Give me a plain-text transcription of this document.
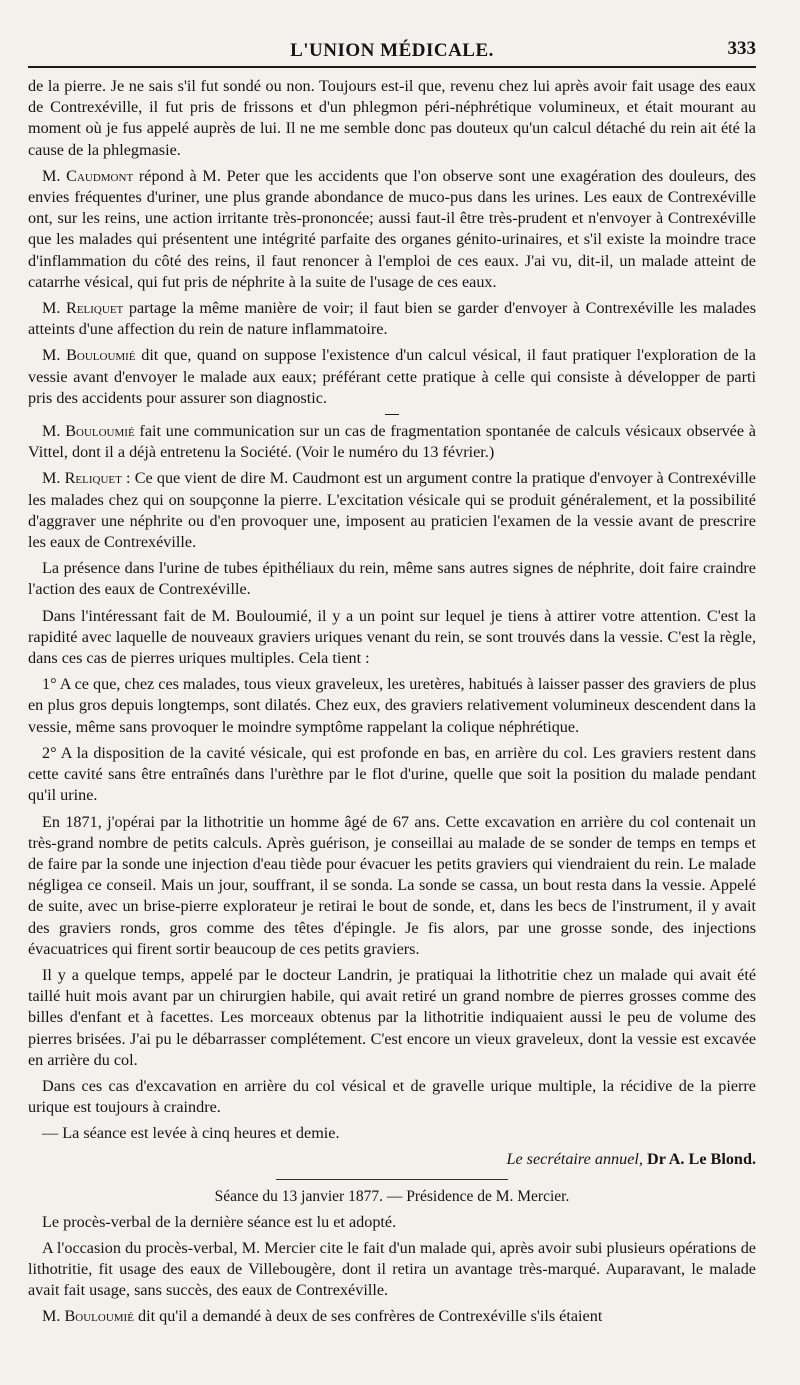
L'UNION MÉDICALE.	333

de la pierre. Je ne sais s'il fut sondé ou non. Toujours est-il que, revenu chez lui après avoir fait usage des eaux de Contrexéville, il fut pris de frissons et d'un phlegmon péri-néphrétique volumineux, et était mourant au moment où je fus appelé auprès de lui. Il ne me semble donc pas douteux qu'un calcul détaché du rein ait été la cause de la phlegmasie.

M. Caudmont répond à M. Peter que les accidents que l'on observe sont une exagération des douleurs, des envies fréquentes d'uriner, une plus grande abondance de muco-pus dans les urines. Les eaux de Contrexéville ont, sur les reins, une action irritante très-prononcée; aussi faut-il être très-prudent et n'envoyer à Contrexéville que les malades qui présentent une intégrité parfaite des organes génito-urinaires, et s'il existe la moindre trace d'inflammation du côté des reins, il faut renoncer à l'emploi de ces eaux. J'ai vu, dit-il, un malade atteint de catarrhe vésical, qui fut pris de néphrite à la suite de l'usage de ces eaux.

M. Reliquet partage la même manière de voir; il faut bien se garder d'envoyer à Contrexéville les malades atteints d'une affection du rein de nature inflammatoire.

M. Bouloumié dit que, quand on suppose l'existence d'un calcul vésical, il faut pratiquer l'exploration de la vessie avant d'envoyer le malade aux eaux; préférant cette pratique à celle qui consiste à développer de parti pris des accidents pour assurer son diagnostic.

M. Bouloumié fait une communication sur un cas de fragmentation spontanée de calculs vésicaux observée à Vittel, dont il a déjà entretenu la Société. (Voir le numéro du 13 février.)

M. Reliquet : Ce que vient de dire M. Caudmont est un argument contre la pratique d'envoyer à Contrexéville les malades chez qui on soupçonne la pierre. L'excitation vésicale qui se produit généralement, et la possibilité d'aggraver une néphrite ou d'en provoquer une, imposent au praticien l'examen de la vessie avant de prescrire les eaux de Contrexéville.

La présence dans l'urine de tubes épithéliaux du rein, même sans autres signes de néphrite, doit faire craindre l'action des eaux de Contrexéville.

Dans l'intéressant fait de M. Bouloumié, il y a un point sur lequel je tiens à attirer votre attention. C'est la rapidité avec laquelle de nouveaux graviers uriques venant du rein, se sont trouvés dans la vessie. C'est la règle, dans ces cas de pierres uriques multiples. Cela tient :

1° A ce que, chez ces malades, tous vieux graveleux, les uretères, habitués à laisser passer des graviers de plus en plus gros depuis longtemps, sont dilatés. Chez eux, des graviers relativement volumineux descendent dans la vessie, même sans provoquer le moindre symptôme rappelant la colique néphrétique.

2° A la disposition de la cavité vésicale, qui est profonde en bas, en arrière du col. Les graviers restent dans cette cavité sans être entraînés dans l'urèthre par le flot d'urine, quelle que soit la position du malade pendant qu'il urine.

En 1871, j'opérai par la lithotritie un homme âgé de 67 ans. Cette excavation en arrière du col contenait un très-grand nombre de petits calculs. Après guérison, je conseillai au malade de se sonder de temps en temps et de faire par la sonde une injection d'eau tiède pour évacuer les petits graviers qui viendraient du rein. Le malade négligea ce conseil. Mais un jour, souffrant, il se sonda. La sonde se cassa, un bout resta dans la vessie. Appelé de suite, avec un brise-pierre explorateur je retirai le bout de sonde, et, dans les becs de l'instrument, il y avait des graviers ronds, gros comme des têtes d'épingle. Je fis alors, par une grosse sonde, des injections évacuatrices qui firent sortir beaucoup de ces petits graviers.

Il y a quelque temps, appelé par le docteur Landrin, je pratiquai la lithotritie chez un malade qui avait été taillé huit mois avant par un chirurgien habile, qui avait retiré un grand nombre de pierres grosses comme des billes d'enfant et à facettes. Les morceaux obtenus par la lithotritie indiquaient aussi le peu de volume des pierres brisées. J'ai pu le débarrasser complétement. C'est encore un vieux graveleux, dont la vessie est excavée en arrière du col.

Dans ces cas d'excavation en arrière du col vésical et de gravelle urique multiple, la récidive de la pierre urique est toujours à craindre.

— La séance est levée à cinq heures et demie.

Le secrétaire annuel, Dr A. Le Blond.
Séance du 13 janvier 1877. — Présidence de M. Mercier.

Le procès-verbal de la dernière séance est lu et adopté.

A l'occasion du procès-verbal, M. Mercier cite le fait d'un malade qui, après avoir subi plusieurs opérations de lithotritie, fit usage des eaux de Villebougère, dont il retira un avantage très-marqué. Auparavant, le malade avait fait usage, sans succès, des eaux de Contrexéville.

M. Bouloumié dit qu'il a demandé à deux de ses confrères de Contrexéville s'ils étaient
